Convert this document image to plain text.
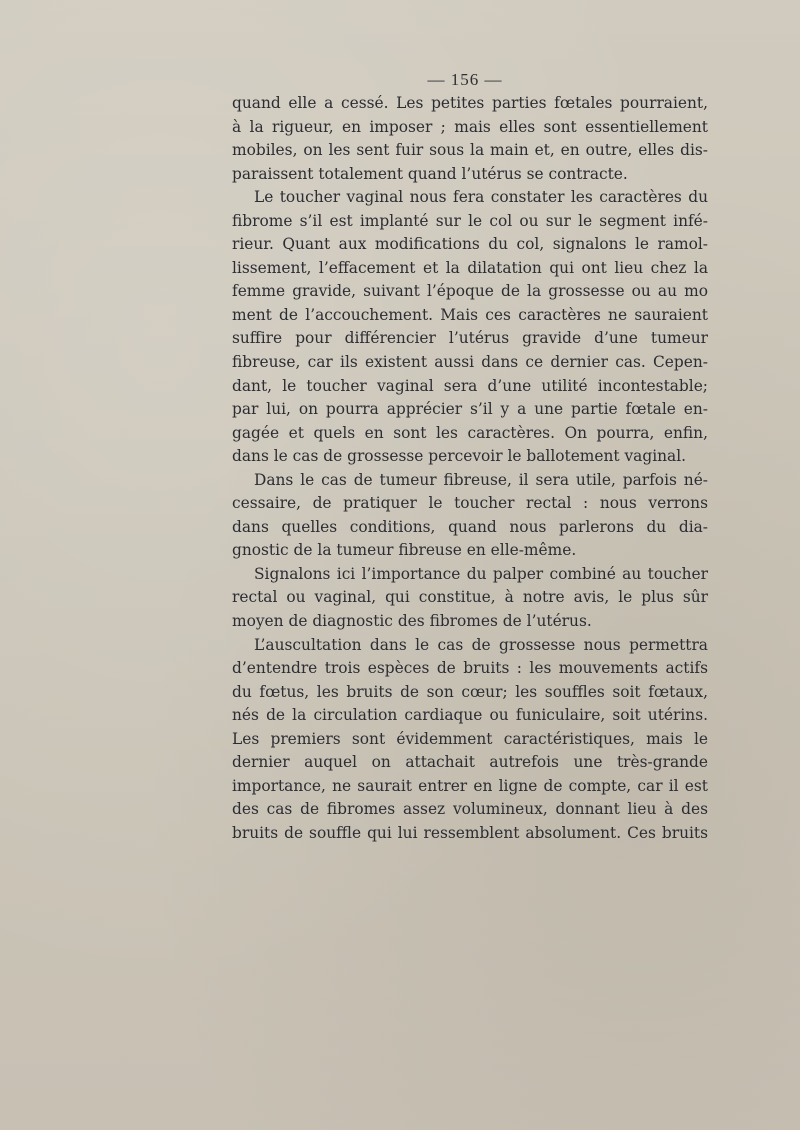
— 156 —
quand elle a cessé. Les petites parties fœtales pourraient,
à la rigueur, en imposer ; mais elles sont essentiellement
mobiles, on les sent fuir sous la main et, en outre, elles dis-
paraissent totalement quand l’utérus se contracte.
Le toucher vaginal nous fera constater les caractères du
fibrome s’il est implanté sur le col ou sur le segment infé-
rieur. Quant aux modifications du col, signalons le ramol-
lissement, l’effacement et la dilatation qui ont lieu chez la
femme gravide, suivant l’époque de la grossesse ou au mo
ment de l’accouchement. Mais ces caractères ne sauraient
suffire pour différencier l’utérus gravide d’une tumeur
fibreuse, car ils existent aussi dans ce dernier cas. Cepen-
dant, le toucher vaginal sera d’une utilité incontestable;
par lui, on pourra apprécier s’il y a une partie fœtale en-
gagée et quels en sont les caractères. On pourra, enfin,
dans le cas de grossesse percevoir le ballotement vaginal.
Dans le cas de tumeur fibreuse, il sera utile, parfois né-
cessaire, de pratiquer le toucher rectal : nous verrons
dans quelles conditions, quand nous parlerons du dia-
gnostic de la tumeur fibreuse en elle-même.
Signalons ici l’importance du palper combiné au toucher
rectal ou vaginal, qui constitue, à notre avis, le plus sûr
moyen de diagnostic des fibromes de l’utérus.
L’auscultation dans le cas de grossesse nous permettra
d’entendre trois espèces de bruits : les mouvements actifs
du fœtus, les bruits de son cœur; les souffles soit fœtaux,
nés de la circulation cardiaque ou funiculaire, soit utérins.
Les premiers sont évidemment caractéristiques, mais le
dernier auquel on attachait autrefois une très-grande
importance, ne saurait entrer en ligne de compte, car il est
des cas de fibromes assez volumineux, donnant lieu à des
bruits de souffle qui lui ressemblent absolument. Ces bruits
